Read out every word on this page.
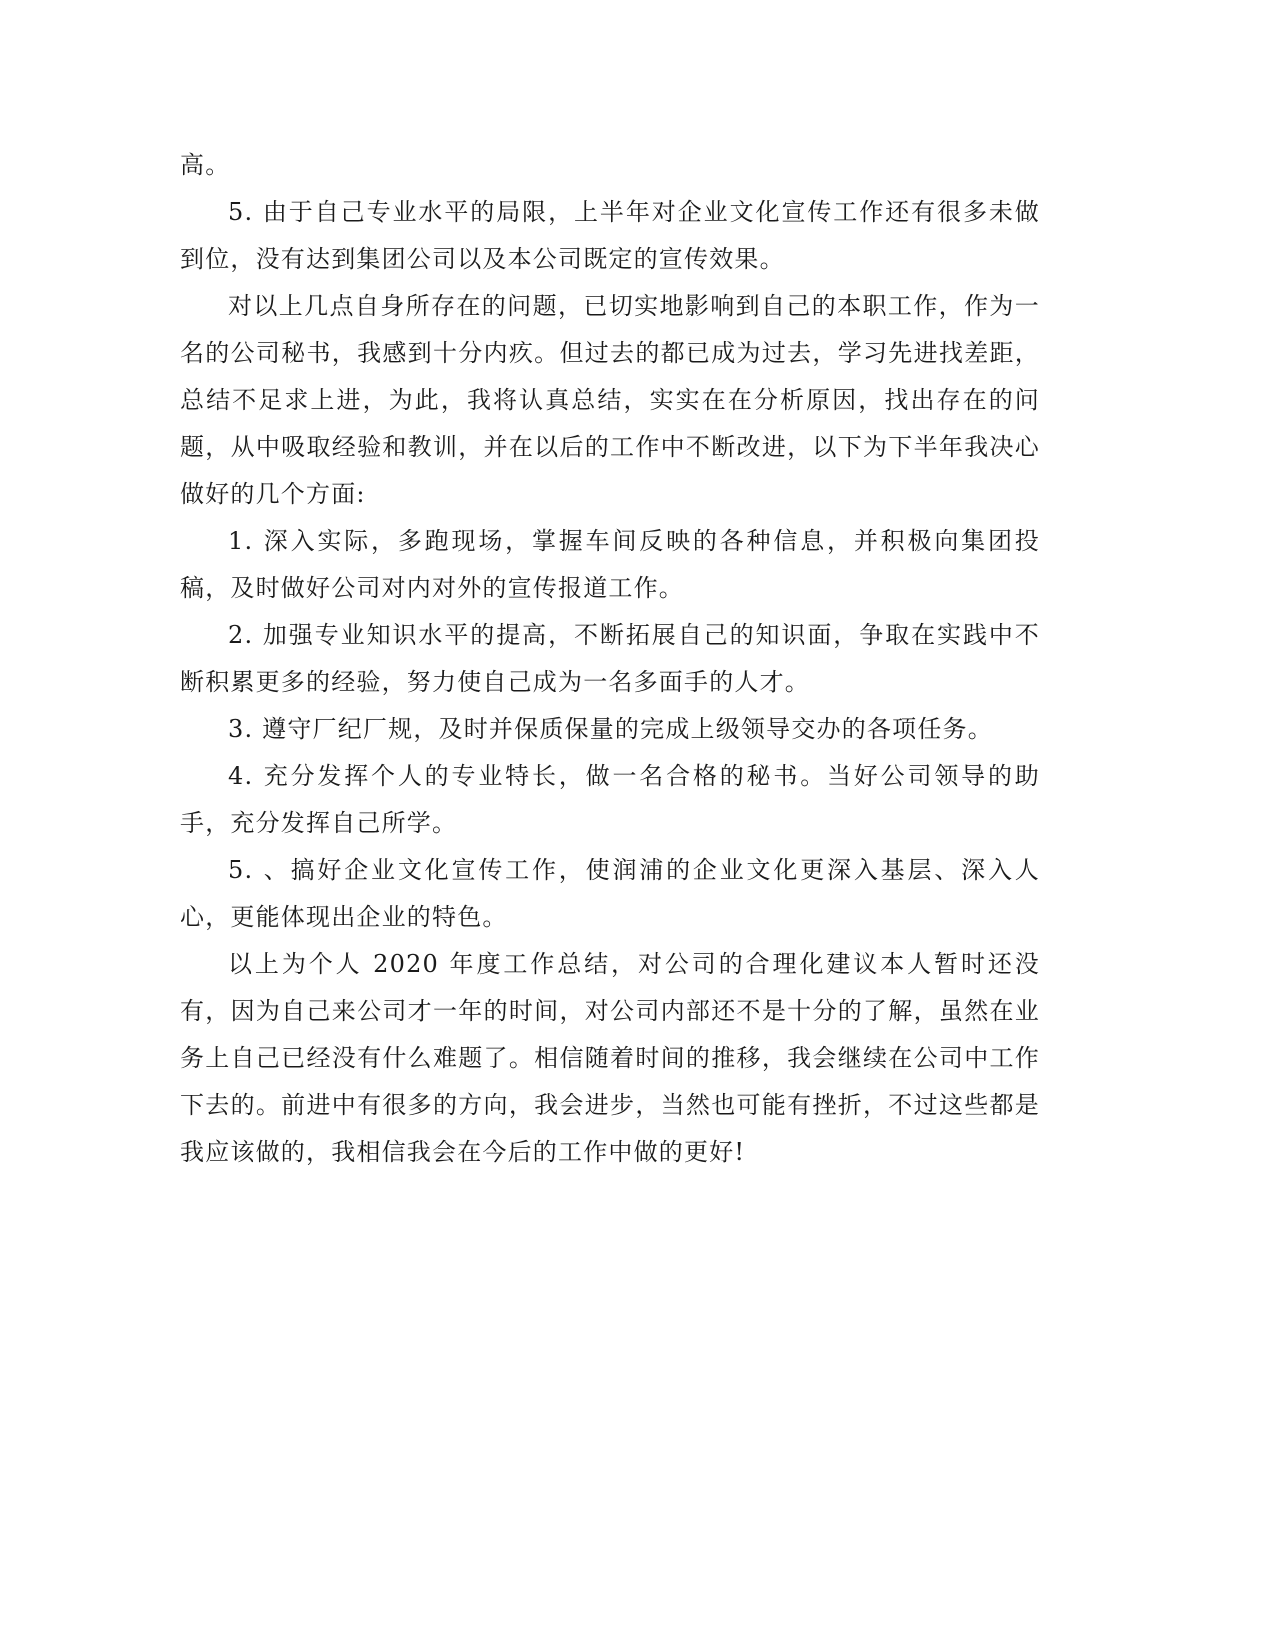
高。

5. 由于自己专业水平的局限，上半年对企业文化宣传工作还有很多未做到位，没有达到集团公司以及本公司既定的宣传效果。

对以上几点自身所存在的问题，已切实地影响到自己的本职工作，作为一名的公司秘书，我感到十分内疚。但过去的都已成为过去，学习先进找差距，总结不足求上进，为此，我将认真总结，实实在在分析原因，找出存在的问题，从中吸取经验和教训，并在以后的工作中不断改进，以下为下半年我决心做好的几个方面:

1. 深入实际，多跑现场，掌握车间反映的各种信息，并积极向集团投稿，及时做好公司对内对外的宣传报道工作。

2. 加强专业知识水平的提高，不断拓展自己的知识面，争取在实践中不断积累更多的经验，努力使自己成为一名多面手的人才。

3. 遵守厂纪厂规，及时并保质保量的完成上级领导交办的各项任务。

4. 充分发挥个人的专业特长，做一名合格的秘书。当好公司领导的助手，充分发挥自己所学。

5. 、搞好企业文化宣传工作，使润浦的企业文化更深入基层、深入人心，更能体现出企业的特色。

以上为个人 2020 年度工作总结，对公司的合理化建议本人暂时还没有，因为自己来公司才一年的时间，对公司内部还不是十分的了解，虽然在业务上自己已经没有什么难题了。相信随着时间的推移，我会继续在公司中工作下去的。前进中有很多的方向，我会进步，当然也可能有挫折，不过这些都是我应该做的，我相信我会在今后的工作中做的更好!
